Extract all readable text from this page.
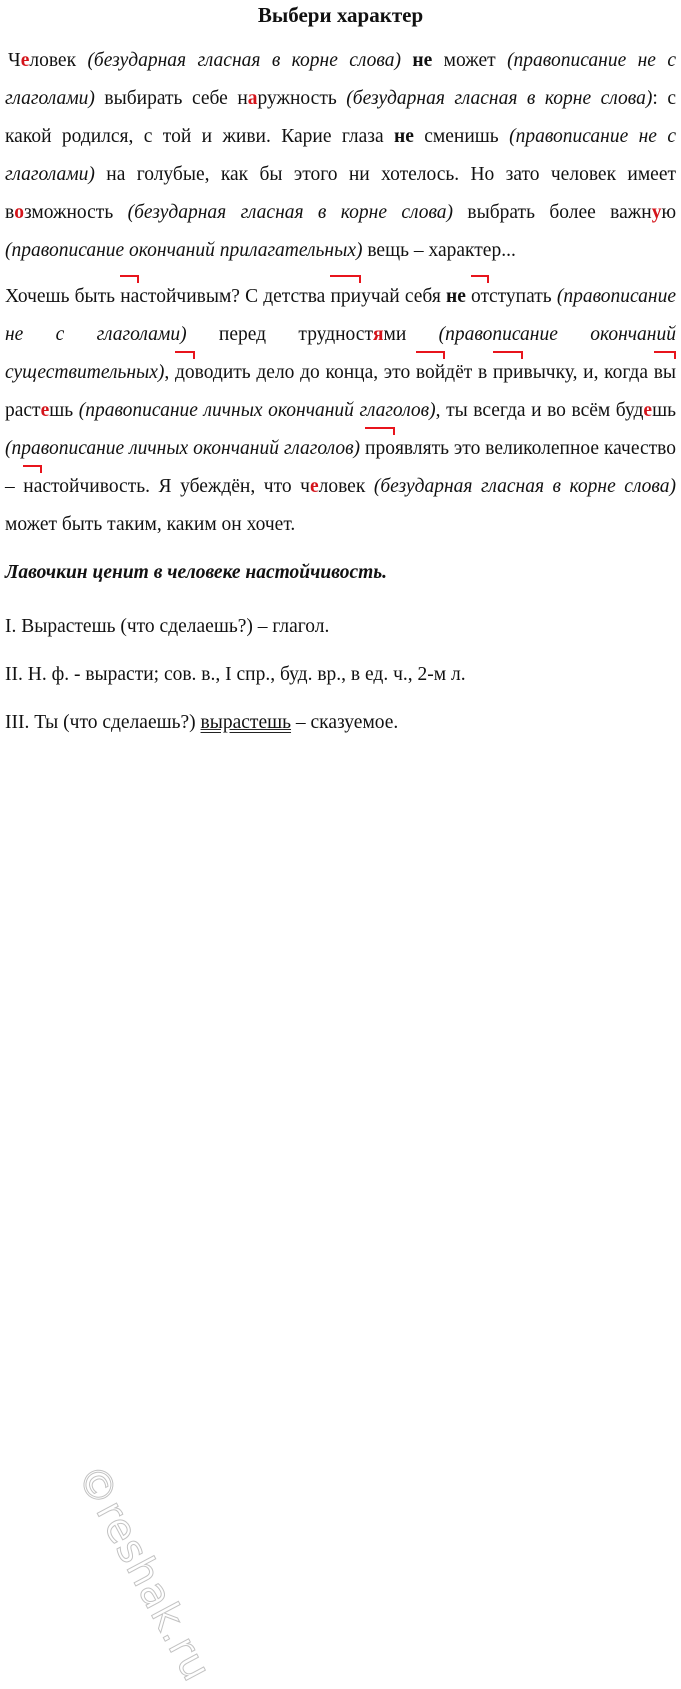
Выбери характер

Человек (безударная гласная в корне слова) не может (правописание не с глаголами) выбирать себе наружность (безударная гласная в корне слова): с какой родился, с той и живи. Карие глаза не сменишь (правописание не с глаголами) на голубые, как бы этого ни хотелось. Но зато человек имеет возможность (безударная гласная в корне слова) выбрать более важную (правописание окончаний прилагательных) вещь – характер...

Хочешь быть настойчивым? С детства приучай себя не отступать (правописание не с глаголами) перед трудностями (правописание окончаний существительных), доводить дело до конца, это войдёт в привычку, и, когда вырастешь (правописание личных окончаний глаголов), ты всегда и во всём будешь (правописание личных окончаний глаголов) проявлять это великолепное качество – настойчивость. Я убеждён, что человек (безударная гласная в корне слова) может быть таким, каким он хочет.

Лавочкин ценит в человеке настойчивость.

I. Вырастешь (что сделаешь?) – глагол.

II. Н. ф. - вырасти; сов. в., I спр., буд. вр., в ед. ч., 2-м л.

III. Ты (что сделаешь?) вырастешь – сказуемое.

©reshak.ru
